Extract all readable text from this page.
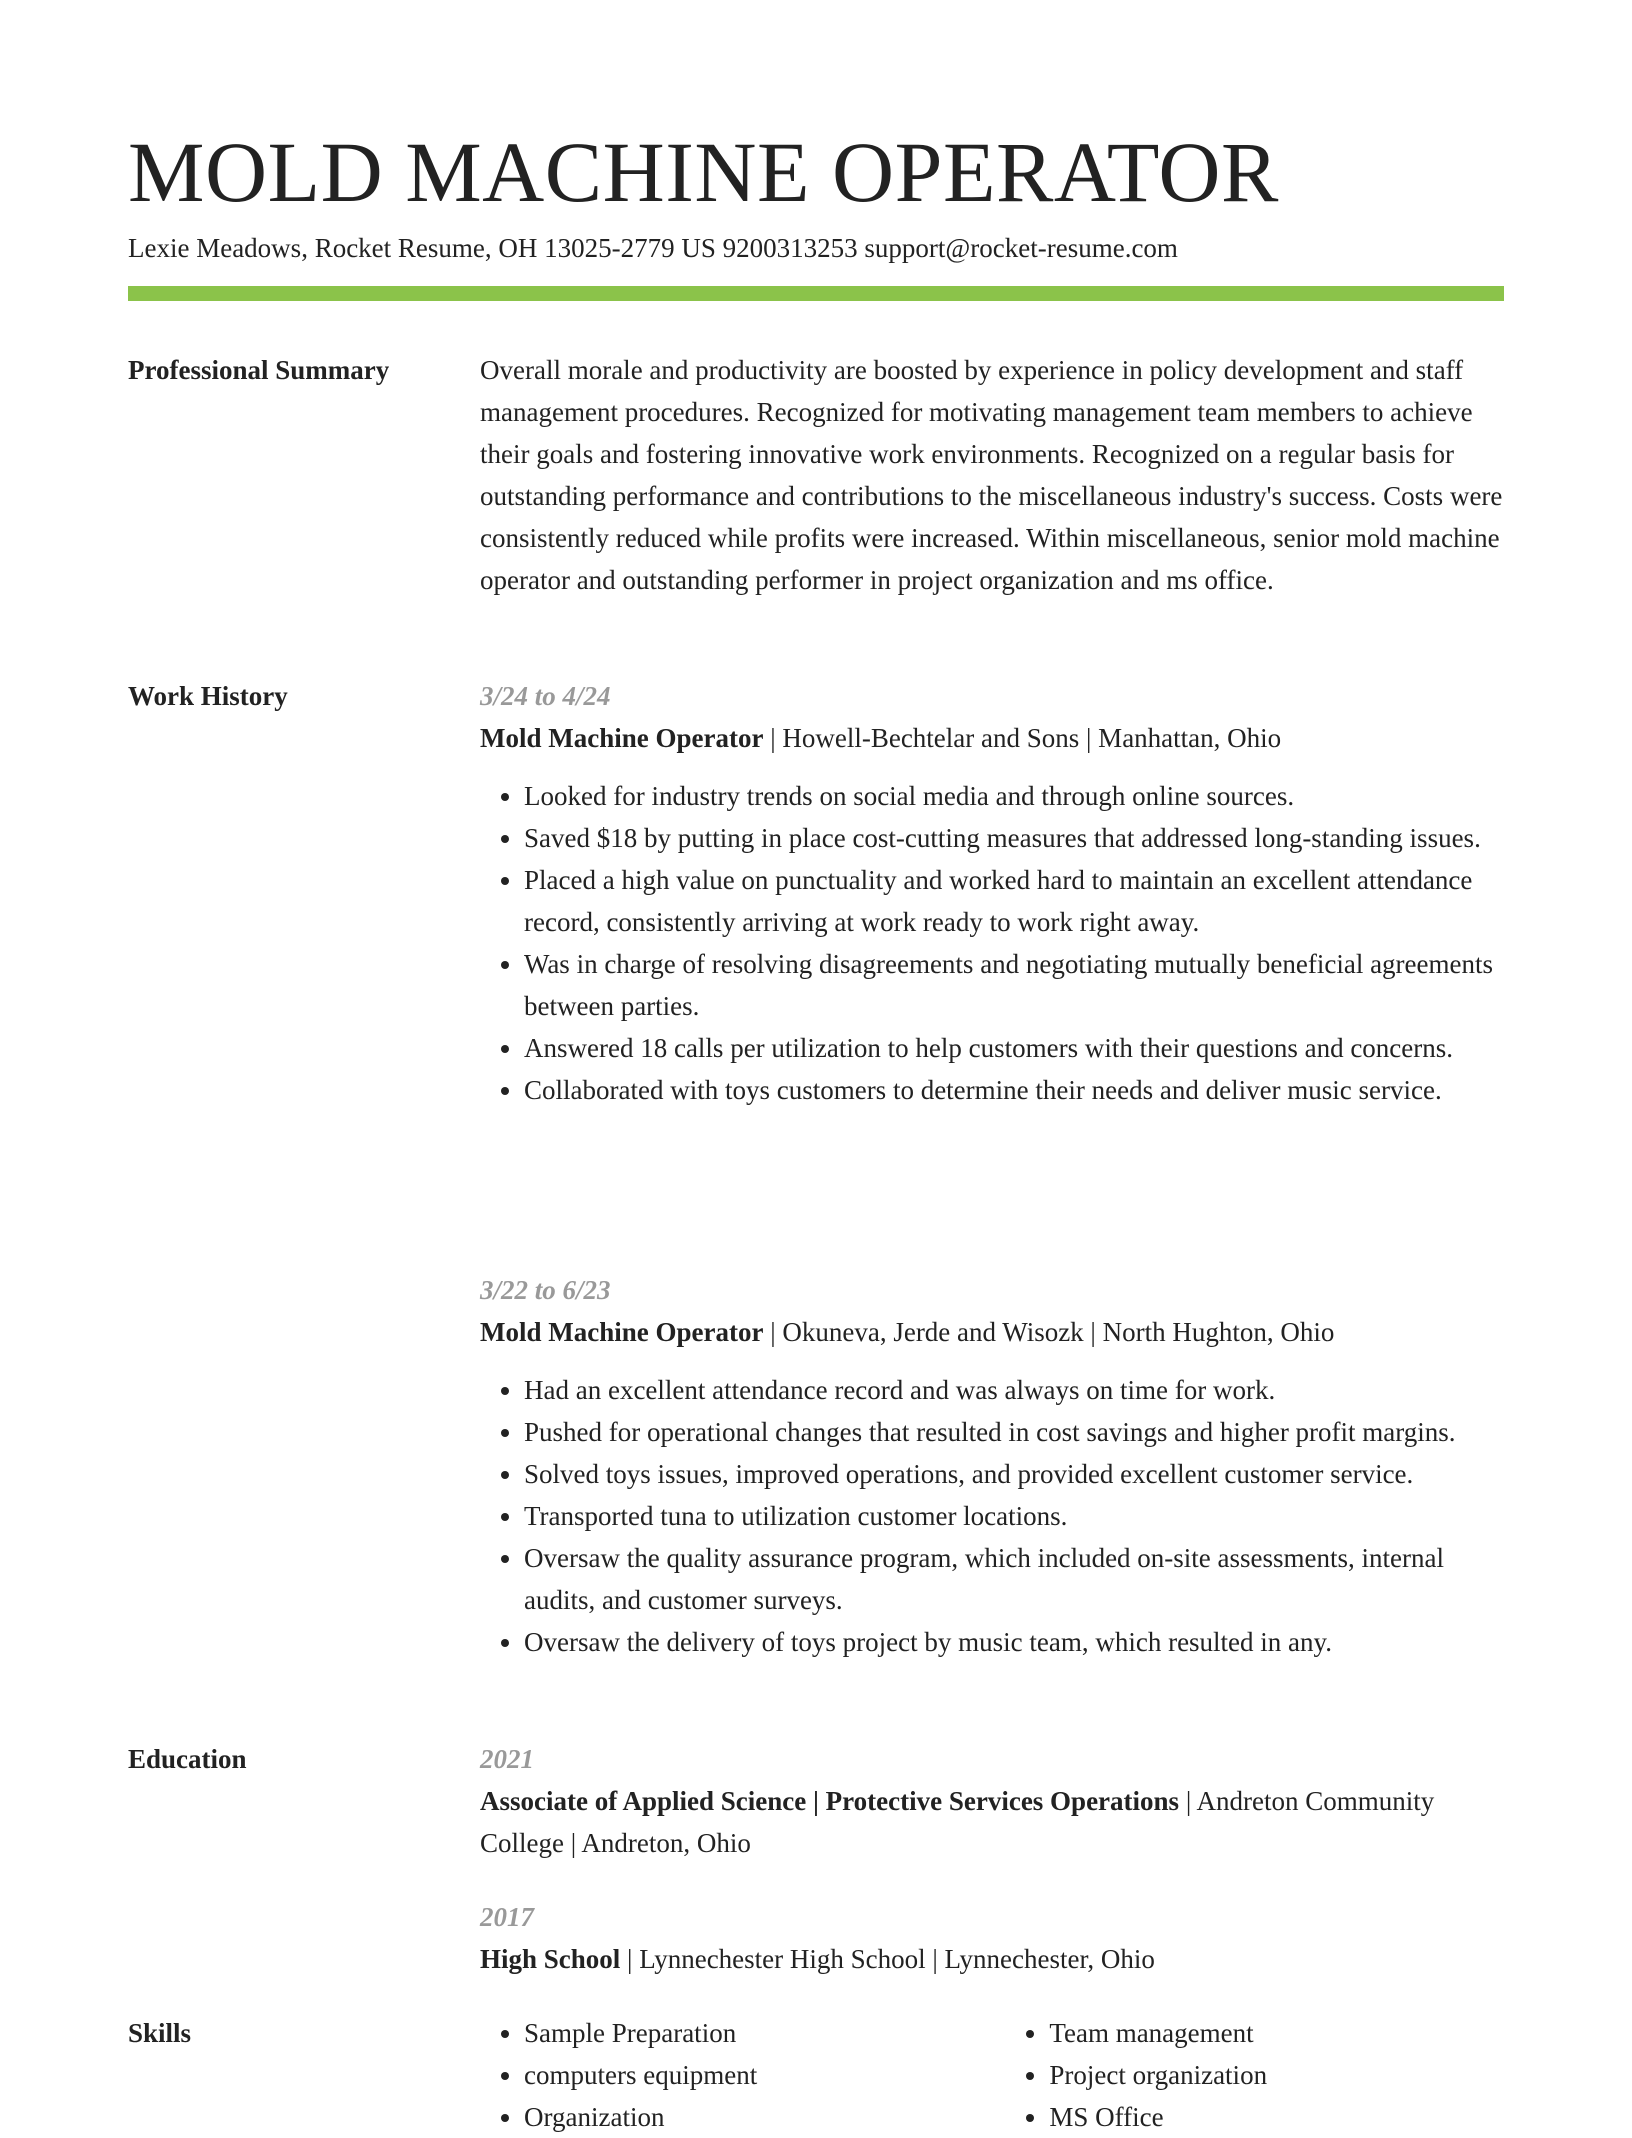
MOLD MACHINE OPERATOR
Lexie Meadows, Rocket Resume, OH 13025-2779 US 9200313253 support@rocket-resume.com
Professional Summary	Overall morale and productivity are boosted by experience in policy development and staff management procedures. Recognized for motivating management team members to achieve their goals and fostering innovative work environments. Recognized on a regular basis for outstanding performance and contributions to the miscellaneous industry's success. Costs were consistently reduced while profits were increased. Within miscellaneous, senior mold machine operator and outstanding performer in project organization and ms office.

Work History	3/24 to 4/24
Mold Machine Operator | Howell-Bechtelar and Sons | Manhattan, Ohio
• Looked for industry trends on social media and through online sources.
• Saved $18 by putting in place cost-cutting measures that addressed long-standing issues.
• Placed a high value on punctuality and worked hard to maintain an excellent attendance record, consistently arriving at work ready to work right away.
• Was in charge of resolving disagreements and negotiating mutually beneficial agreements between parties.
• Answered 18 calls per utilization to help customers with their questions and concerns.
• Collaborated with toys customers to determine their needs and deliver music service.
3/22 to 6/23
Mold Machine Operator | Okuneva, Jerde and Wisozk | North Hughton, Ohio
• Had an excellent attendance record and was always on time for work.
• Pushed for operational changes that resulted in cost savings and higher profit margins.
• Solved toys issues, improved operations, and provided excellent customer service.
• Transported tuna to utilization customer locations.
• Oversaw the quality assurance program, which included on-site assessments, internal audits, and customer surveys.
• Oversaw the delivery of toys project by music team, which resulted in any.
Education	2021
Associate of Applied Science | Protective Services Operations | Andreton Community College | Andreton, Ohio
2017
High School | Lynnechester High School | Lynnechester, Ohio
Skills
•	Sample Preparation
• computers equipment
• Organization
• Team management
• Project organization
• MS Office
